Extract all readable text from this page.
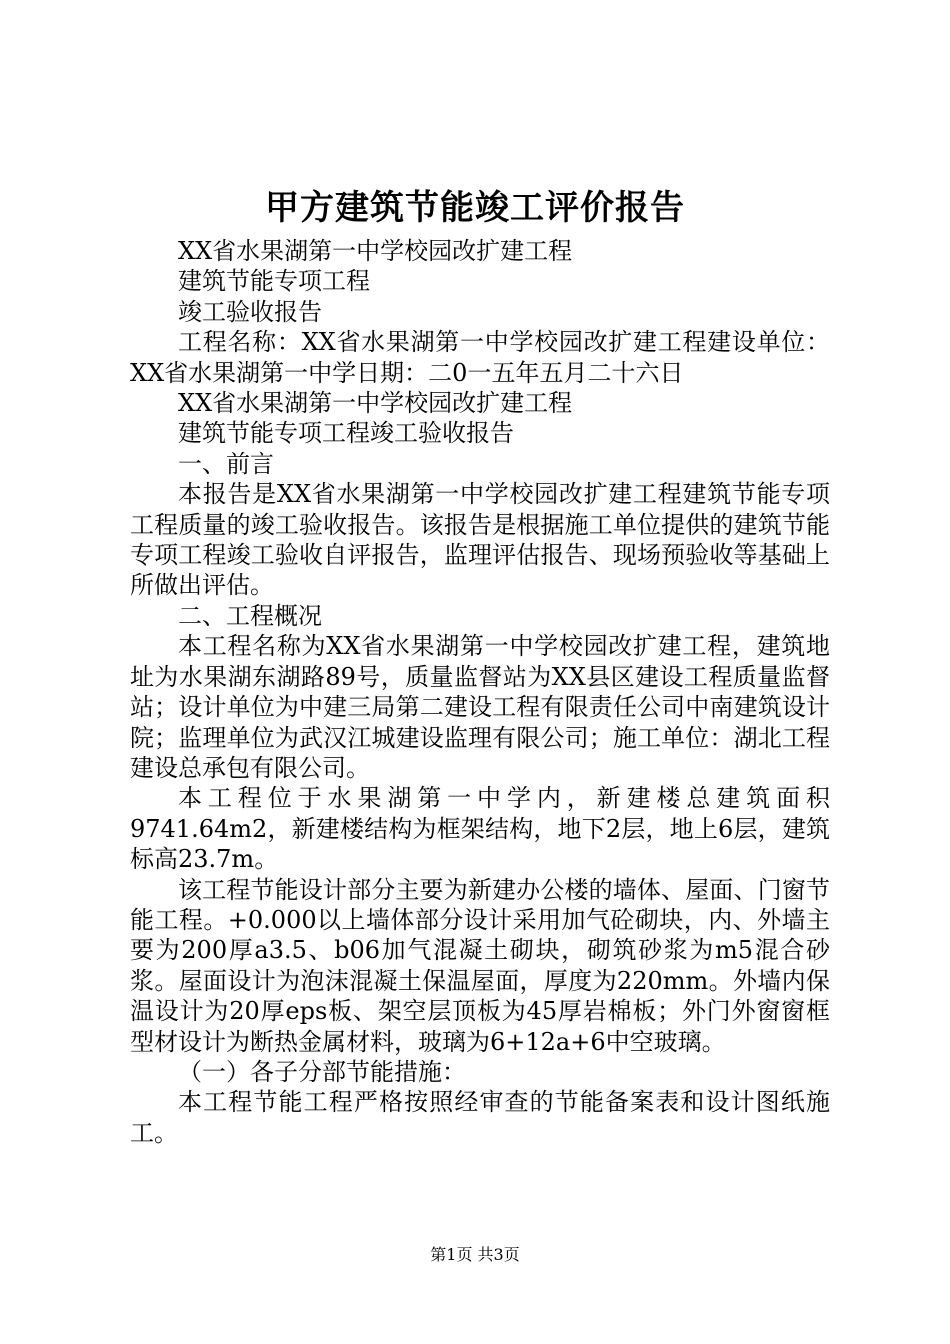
甲方建筑节能竣工评价报告

XX省水果湖第一中学校园改扩建工程

建筑节能专项工程

竣工验收报告

工程名称：XX省水果湖第一中学校园改扩建工程建设单位：XX省水果湖第一中学日期：二0一五年五月二十六日

XX省水果湖第一中学校园改扩建工程

建筑节能专项工程竣工验收报告

一、前言

本报告是XX省水果湖第一中学校园改扩建工程建筑节能专项工程质量的竣工验收报告。该报告是根据施工单位提供的建筑节能专项工程竣工验收自评报告，监理评估报告、现场预验收等基础上所做出评估。

二、工程概况

本工程名称为XX省水果湖第一中学校园改扩建工程，建筑地址为水果湖东湖路89号，质量监督站为XX县区建设工程质量监督站；设计单位为中建三局第二建设工程有限责任公司中南建筑设计院；监理单位为武汉江城建设监理有限公司；施工单位：湖北工程建设总承包有限公司。

本工程位于水果湖第一中学内，新建楼总建筑面积9741.64m2，新建楼结构为框架结构，地下2层，地上6层，建筑标高23.7m。

该工程节能设计部分主要为新建办公楼的墙体、屋面、门窗节能工程。+0.000以上墙体部分设计采用加气砼砌块，内、外墙主要为200厚a3.5、b06加气混凝土砌块，砌筑砂浆为m5混合砂浆。屋面设计为泡沫混凝土保温屋面，厚度为220mm。外墙内保温设计为20厚eps板、架空层顶板为45厚岩棉板；外门外窗窗框型材设计为断热金属材料，玻璃为6+12a+6中空玻璃。

（一）各子分部节能措施：

本工程节能工程严格按照经审查的节能备案表和设计图纸施工。

第1页 共3页
